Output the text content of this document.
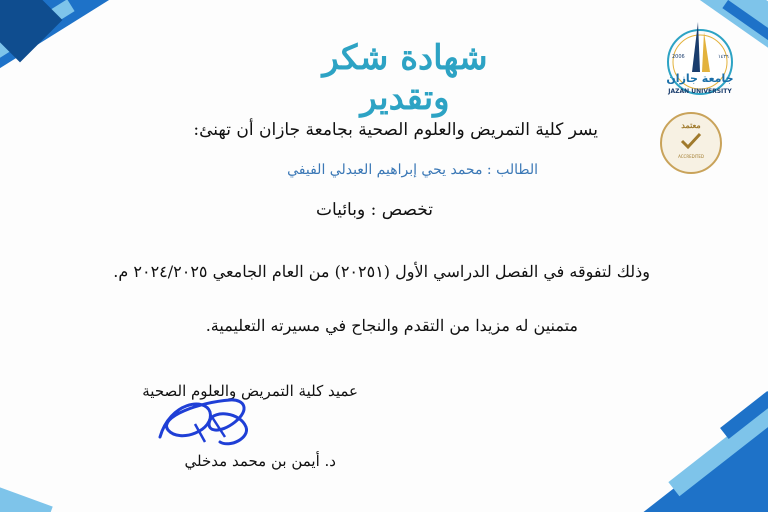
شهادة شكر وتقدير	جامعة جازان
2006	١٤٢٦
JAZAN UNIVERSITY
معتمد
ACCREDITED
يسر كلية التمريض والعلوم الصحية بجامعة جازان أن تهنئ:
الطالب : محمد يحي إبراهيم العبدلي الفيفي
تخصص : وبائيات
وذلك لتفوقه في الفصل الدراسي الأول (٢٠٢٥١) من العام الجامعي ٢٠٢٤/٢٠٢٥ م.
متمنين له مزيدا من التقدم والنجاح في مسيرته التعليمية.
عميد كلية التمريض والعلوم الصحية
د. أيمن بن محمد مدخلي
